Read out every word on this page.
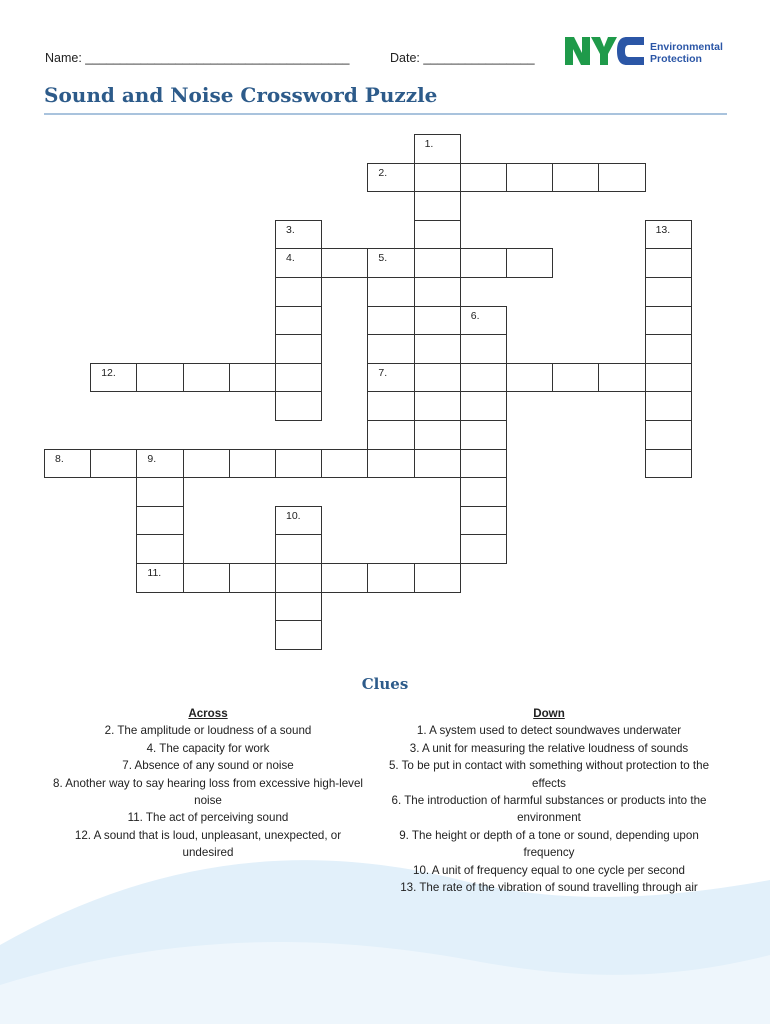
Name: ______________________________________	Date: ________________
Environmental
Protection
Sound and Noise Crossword Puzzle
2.
4.	5.
7.
12.
8.	9.
11.
1.
3.
6.
10.
13.
Clues
Across
2. The amplitude or loudness of a sound
4. The capacity for work
7. Absence of any sound or noise
8. Another way to say hearing loss from excessive high-level noise
11. The act of perceiving sound
12. A sound that is loud, unpleasant, unexpected, or undesired
Down
1. A system used to detect soundwaves underwater
3. A unit for measuring the relative loudness of sounds
5. To be put in contact with something without protection to the effects
6. The introduction of harmful substances or products into the environment
9. The height or depth of a tone or sound, depending upon frequency
10. A unit of frequency equal to one cycle per second
13. The rate of the vibration of sound travelling through air
